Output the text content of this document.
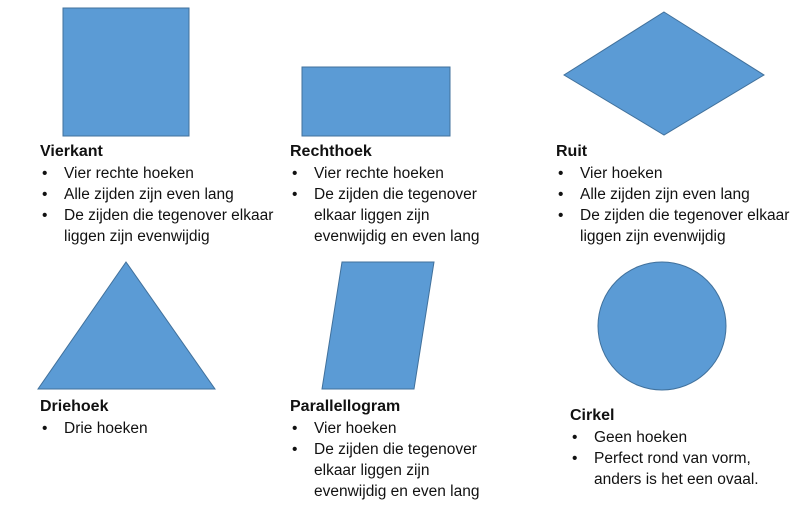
Vierkant
• Vier rechte hoeken
• Alle zijden zijn even lang
• De zijden die tegenover elkaar liggen zijn evenwijdig
Rechthoek
• Vier rechte hoeken
• De zijden die tegenover elkaar liggen zijn evenwijdig en even lang
Ruit
• Vier hoeken
• Alle zijden zijn even lang
• De zijden die tegenover elkaar liggen zijn evenwijdig
Driehoek
• Drie hoeken
Parallellogram
• Vier hoeken
• De zijden die tegenover elkaar liggen zijn evenwijdig en even lang
Cirkel
• Geen hoeken
• Perfect rond van vorm, anders is het een ovaal.
